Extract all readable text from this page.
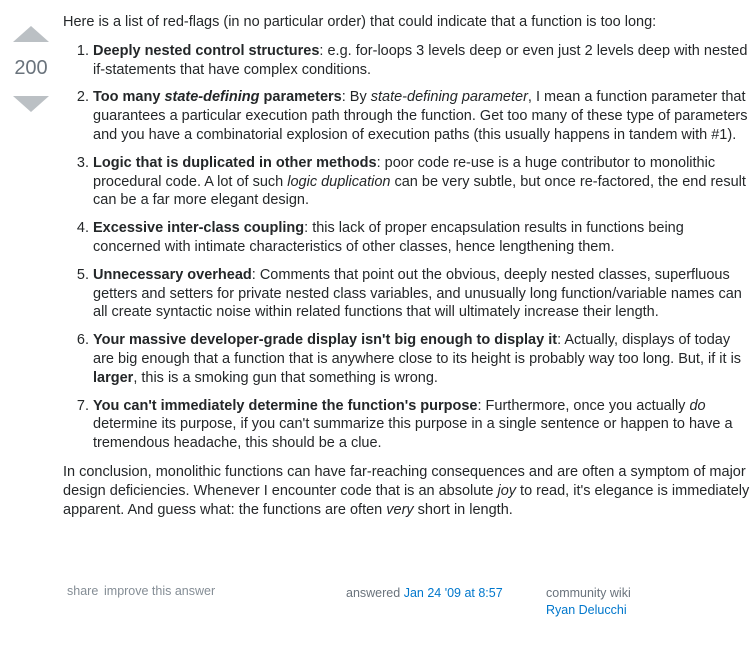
200

Here is a list of red-flags (in no particular order) that could indicate that a function is too long:

1. Deeply nested control structures: e.g. for-loops 3 levels deep or even just 2 levels deep with nested if-statements that have complex conditions.
2. Too many state-defining parameters: By state-defining parameter, I mean a function parameter that guarantees a particular execution path through the function. Get too many of these type of parameters and you have a combinatorial explosion of execution paths (this usually happens in tandem with #1).
3. Logic that is duplicated in other methods: poor code re-use is a huge contributor to monolithic procedural code. A lot of such logic duplication can be very subtle, but once re-factored, the end result can be a far more elegant design.
4. Excessive inter-class coupling: this lack of proper encapsulation results in functions being concerned with intimate characteristics of other classes, hence lengthening them.
5. Unnecessary overhead: Comments that point out the obvious, deeply nested classes, superfluous getters and setters for private nested class variables, and unusually long function/variable names can all create syntactic noise within related functions that will ultimately increase their length.
6. Your massive developer-grade display isn't big enough to display it: Actually, displays of today are big enough that a function that is anywhere close to its height is probably way too long. But, if it is larger, this is a smoking gun that something is wrong.
7. You can't immediately determine the function's purpose: Furthermore, once you actually do determine its purpose, if you can't summarize this purpose in a single sentence or happen to have a tremendous headache, this should be a clue.

In conclusion, monolithic functions can have far-reaching consequences and are often a symptom of major design deficiencies. Whenever I encounter code that is an absolute joy to read, it's elegance is immediately apparent. And guess what: the functions are often very short in length.

share improve this answer	answered Jan 24 '09 at 8:57	community wiki
Ryan Delucchi
